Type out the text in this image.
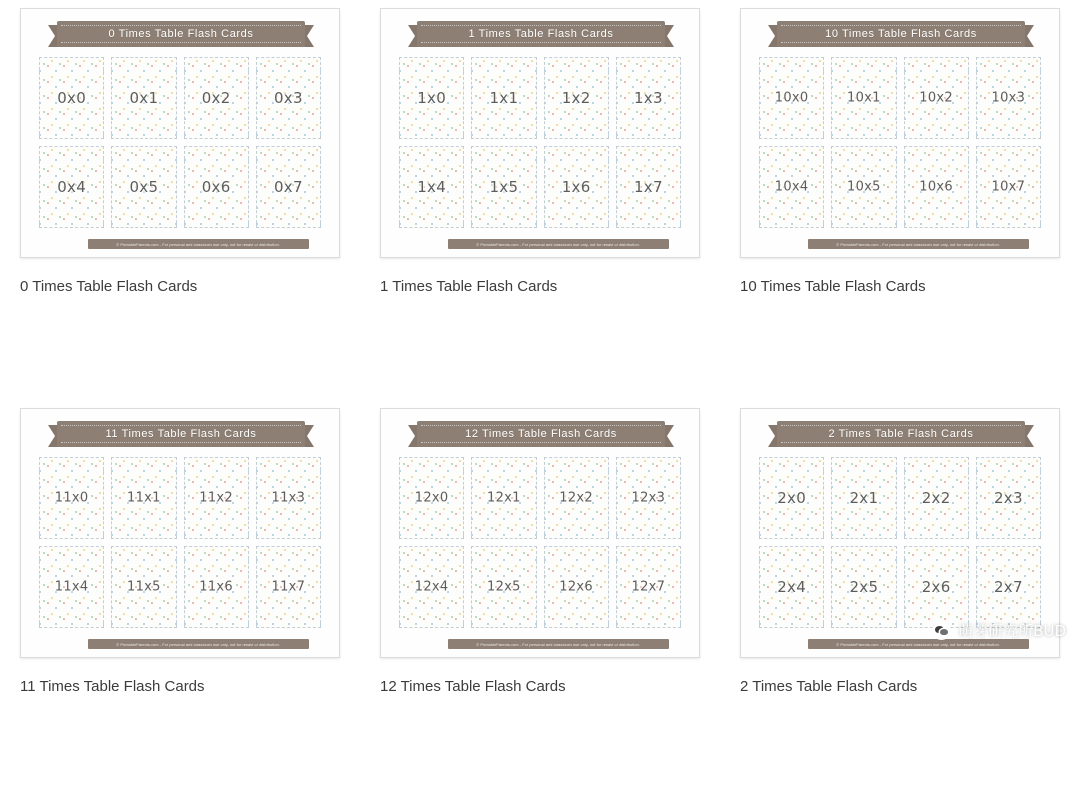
0 Times Table Flash Cards
0x0	0x1	0x2	0x3
0x4	0x5	0x6	0x7
© PrintableParents.com - For personal and classroom use only, not for resale or distribution.
0 Times Table Flash Cards
1 Times Table Flash Cards
1x0	1x1	1x2	1x3
1x4	1x5	1x6	1x7
© PrintableParents.com - For personal and classroom use only, not for resale or distribution.
1 Times Table Flash Cards
10 Times Table Flash Cards
10x0	10x1	10x2	10x3
10x4	10x5	10x6	10x7
© PrintableParents.com - For personal and classroom use only, not for resale or distribution.
10 Times Table Flash Cards
11 Times Table Flash Cards
11x0	11x1	11x2	11x3
11x4	11x5	11x6	11x7
© PrintableParents.com - For personal and classroom use only, not for resale or distribution.
11 Times Table Flash Cards
12 Times Table Flash Cards
12x0	12x1	12x2	12x3
12x4	12x5	12x6	12x7
© PrintableParents.com - For personal and classroom use only, not for resale or distribution.
12 Times Table Flash Cards
2 Times Table Flash Cards
2x0	2x1	2x2	2x3
2x4	2x5	2x6	2x7
© PrintableParents.com - For personal and classroom use only, not for resale or distribution.
2 Times Table Flash Cards
萌芽研究所BUD
